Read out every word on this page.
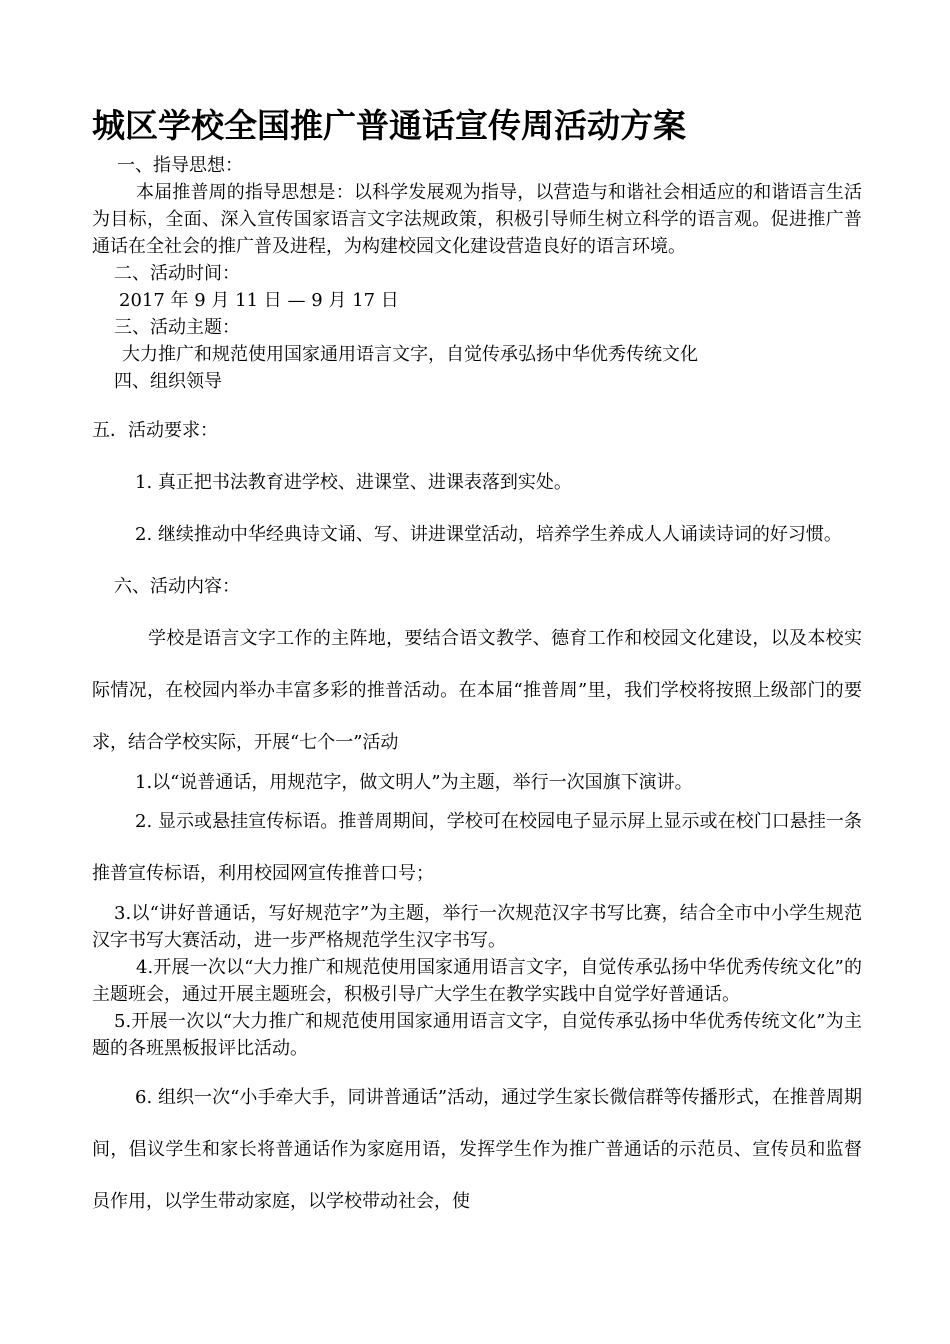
城区学校全国推广普通话宣传周活动方案

一、指导思想：

本届推普周的指导思想是：以科学发展观为指导，以营造与和谐社会相适应的和谐语言生活为目标，全面、深入宣传国家语言文字法规政策，积极引导师生树立科学的语言观。促进推广普通话在全社会的推广普及进程，为构建校园文化建设营造良好的语言环境。

二、活动时间：

2017 年 9 月 11 日 — 9 月 17 日

三、活动主题：

大力推广和规范使用国家通用语言文字，自觉传承弘扬中华优秀传统文化

四、组织领导

五．活动要求：

1. 真正把书法教育进学校、进课堂、进课表落到实处。

2. 继续推动中华经典诗文诵、写、讲进课堂活动，培养学生养成人人诵读诗词的好习惯。

六、活动内容：

学校是语言文字工作的主阵地，要结合语文教学、德育工作和校园文化建设，以及本校实际情况，在校园内举办丰富多彩的推普活动。在本届“推普周”里，我们学校将按照上级部门的要求，结合学校实际，开展“七个一”活动

1.以“说普通话，用规范字，做文明人”为主题，举行一次国旗下演讲。

2. 显示或悬挂宣传标语。推普周期间，学校可在校园电子显示屏上显示或在校门口悬挂一条推普宣传标语，利用校园网宣传推普口号；

3.以“讲好普通话，写好规范字”为主题，举行一次规范汉字书写比赛，结合全市中小学生规范汉字书写大赛活动，进一步严格规范学生汉字书写。

4.开展一次以“大力推广和规范使用国家通用语言文字，自觉传承弘扬中华优秀传统文化”的主题班会，通过开展主题班会，积极引导广大学生在教学实践中自觉学好普通话。

5.开展一次以“大力推广和规范使用国家通用语言文字，自觉传承弘扬中华优秀传统文化”为主题的各班黑板报评比活动。

6. 组织一次“小手牵大手，同讲普通话”活动，通过学生家长微信群等传播形式，在推普周期间，倡议学生和家长将普通话作为家庭用语，发挥学生作为推广普通话的示范员、宣传员和监督员作用，以学生带动家庭，以学校带动社会，使
